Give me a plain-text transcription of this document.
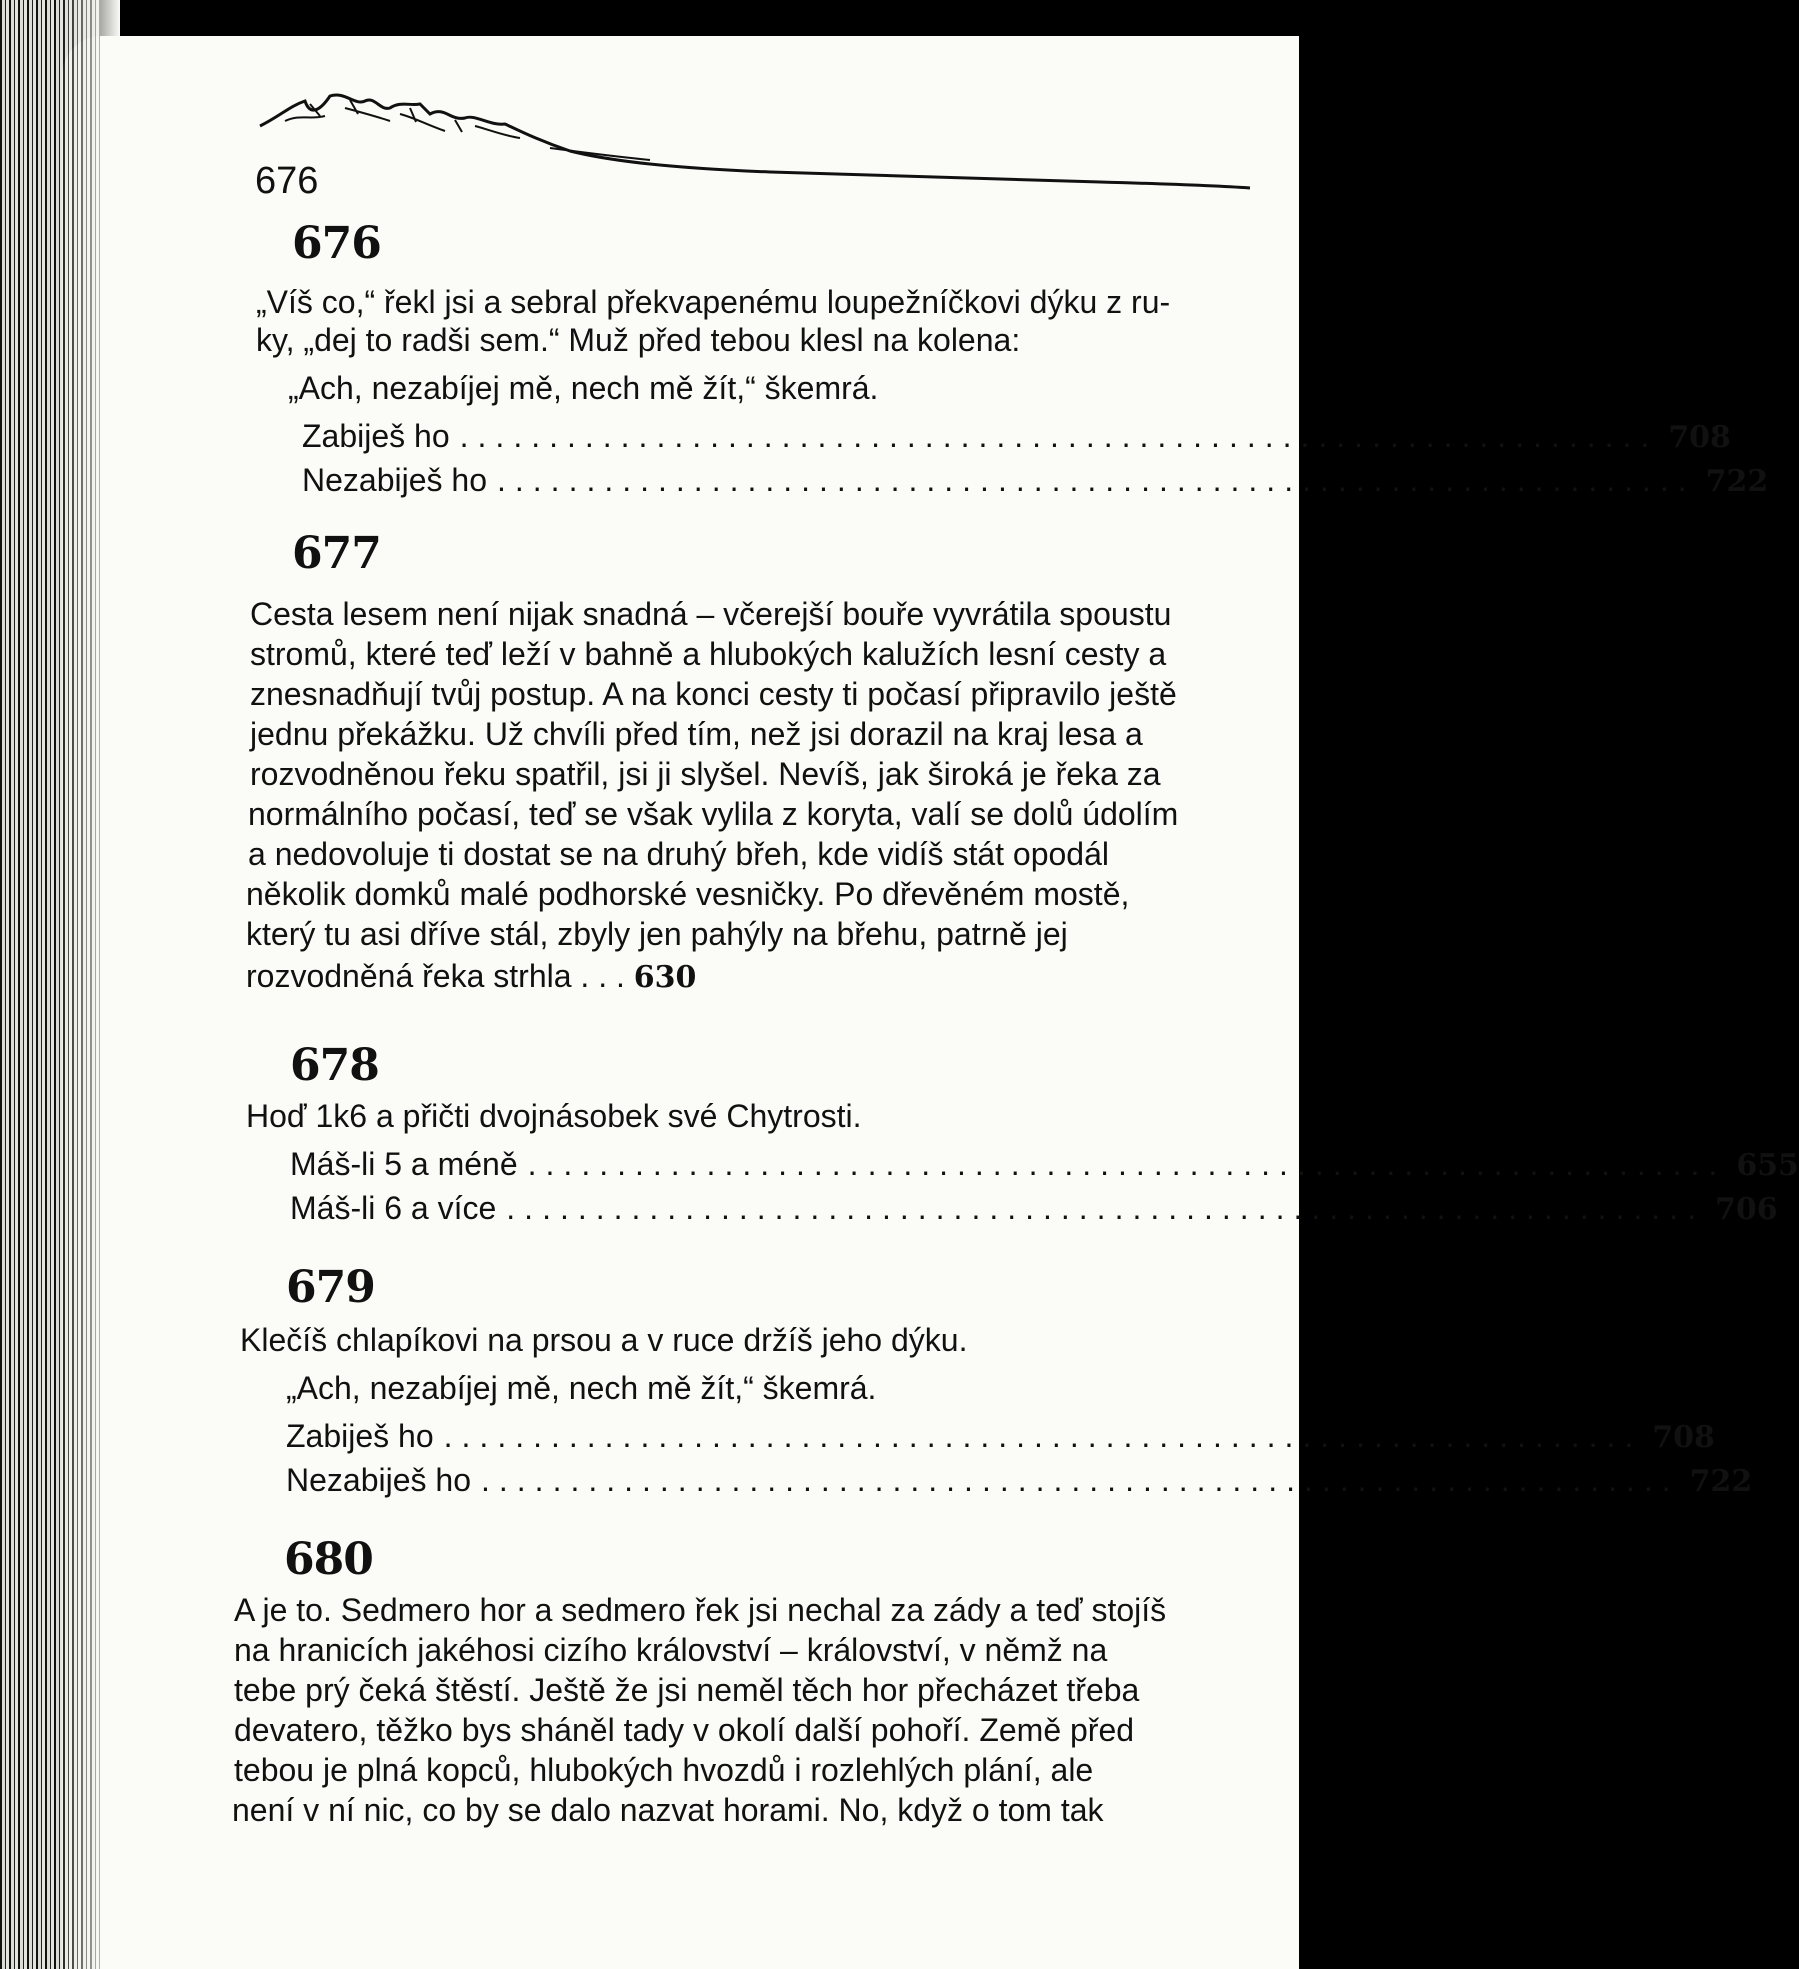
676
676
„Víš co,“ řekl jsi a sebral překvapenému loupežníčkovi dýku z ru-
ky, „dej to radši sem.“ Muž před tebou klesl na kolena:
„Ach, nezabíjej mě, nech mě žít,“ škemrá.
Zabiješ ho ................................................................... 708
Nezabiješ ho ................................................................... 722
677
Cesta lesem není nijak snadná – včerejší bouře vyvrátila spoustu
stromů, které teď leží v bahně a hlubokých kalužích lesní cesty a
znesnadňují tvůj postup. A na konci cesty ti počasí připravilo ještě
jednu překážku. Už chvíli před tím, než jsi dorazil na kraj lesa a
rozvodněnou řeku spatřil, jsi ji slyšel. Nevíš, jak široká je řeka za
normálního počasí, teď se však vylila z koryta, valí se dolů údolím
a nedovoluje ti dostat se na druhý břeh, kde vidíš stát opodál
několik domků malé podhorské vesničky. Po dřevěném mostě,
který tu asi dříve stál, zbyly jen pahýly na břehu, patrně jej
rozvodněná řeka strhla . . . 630
678
Hoď 1k6 a přičti dvojnásobek své Chytrosti.
Máš-li 5 a méně ................................................................... 655
Máš-li 6 a více ................................................................... 706
679
Klečíš chlapíkovi na prsou a v ruce držíš jeho dýku.
„Ach, nezabíjej mě, nech mě žít,“ škemrá.
Zabiješ ho ................................................................... 708
Nezabiješ ho ................................................................... 722
680
A je to. Sedmero hor a sedmero řek jsi nechal za zády a teď stojíš
na hranicích jakéhosi cizího království – království, v němž na
tebe prý čeká štěstí. Ještě že jsi neměl těch hor přecházet třeba
devatero, těžko bys sháněl tady v okolí další pohoří. Země před
tebou je plná kopců, hlubokých hvozdů i rozlehlých plání, ale
není v ní nic, co by se dalo nazvat horami. No, když o tom tak
